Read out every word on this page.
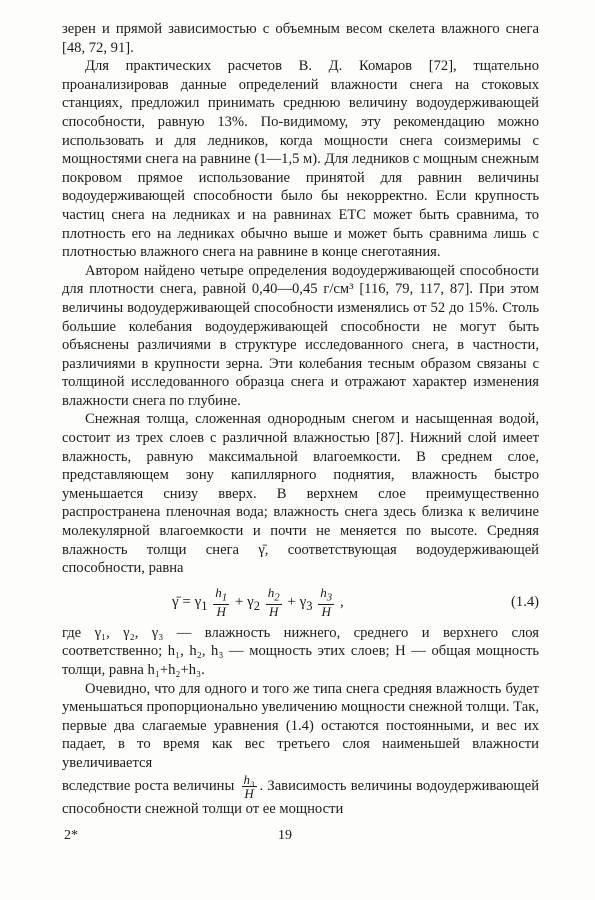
зерен и прямой зависимостью с объемным весом скелета влажного снега [48, 72, 91].

Для практических расчетов В. Д. Комаров [72], тщательно проанализировав данные определений влажности снега на стоковых станциях, предложил принимать среднюю величину водоудерживающей способности, равную 13%. По-видимому, эту рекомендацию можно использовать и для ледников, когда мощности снега соизмеримы с мощностями снега на равнине (1—1,5 м). Для ледников с мощным снежным покровом прямое использование принятой для равнин величины водоудерживающей способности было бы некорректно. Если крупность частиц снега на ледниках и на равнинах ЕТС может быть сравнима, то плотность его на ледниках обычно выше и может быть сравнима лишь с плотностью влажного снега на равнине в конце снеготаяния.

Автором найдено четыре определения водоудерживающей способности для плотности снега, равной 0,40—0,45 г/см³ [116, 79, 117, 87]. При этом величины водоудерживающей способности изменялись от 52 до 15%. Столь большие колебания водоудерживающей способности не могут быть объяснены различиями в структуре исследованного снега, в частности, различиями в крупности зерна. Эти колебания тесным образом связаны с толщиной исследованного образца снега и отражают характер изменения влажности снега по глубине.

Снежная толща, сложенная однородным снегом и насыщенная водой, состоит из трех слоев с различной влажностью [87]. Нижний слой имеет влажность, равную максимальной влагоемкости. В среднем слое, представляющем зону капиллярного поднятия, влажность быстро уменьшается снизу вверх. В верхнем слое преимущественно распространена пленочная вода; влажность снега здесь близка к величине молекулярной влагоемкости и почти не меняется по высоте. Средняя влажность толщи снега γ̄, соответствующая водоудерживающей способности, равна

γ̄ = $\gamma_1 \frac{h_1}{H} + \gamma_2 \frac{h_2}{H} + \gamma_3 \frac{h_3}{H}$ ,	(1.4)

где γ₁, γ₂, γ₃ — влажность нижнего, среднего и верхнего слоя соответственно; h₁, h₂, h₃ — мощность этих слоев; H — общая мощность толщи, равна h₁+h₂+h₃.

Очевидно, что для одного и того же типа снега средняя влажность будет уменьшаться пропорционально увеличению мощности снежной толщи. Так, первые два слагаемые уравнения (1.4) остаются постоянными, и вес их падает, в то время как вес третьего слоя наименьшей влажности увеличивается

вследствие роста величины $\frac{\text{h₃}}{H}$ . Зависимость величины водоудерживающей способности снежной толщи от ее мощности

2*	19
